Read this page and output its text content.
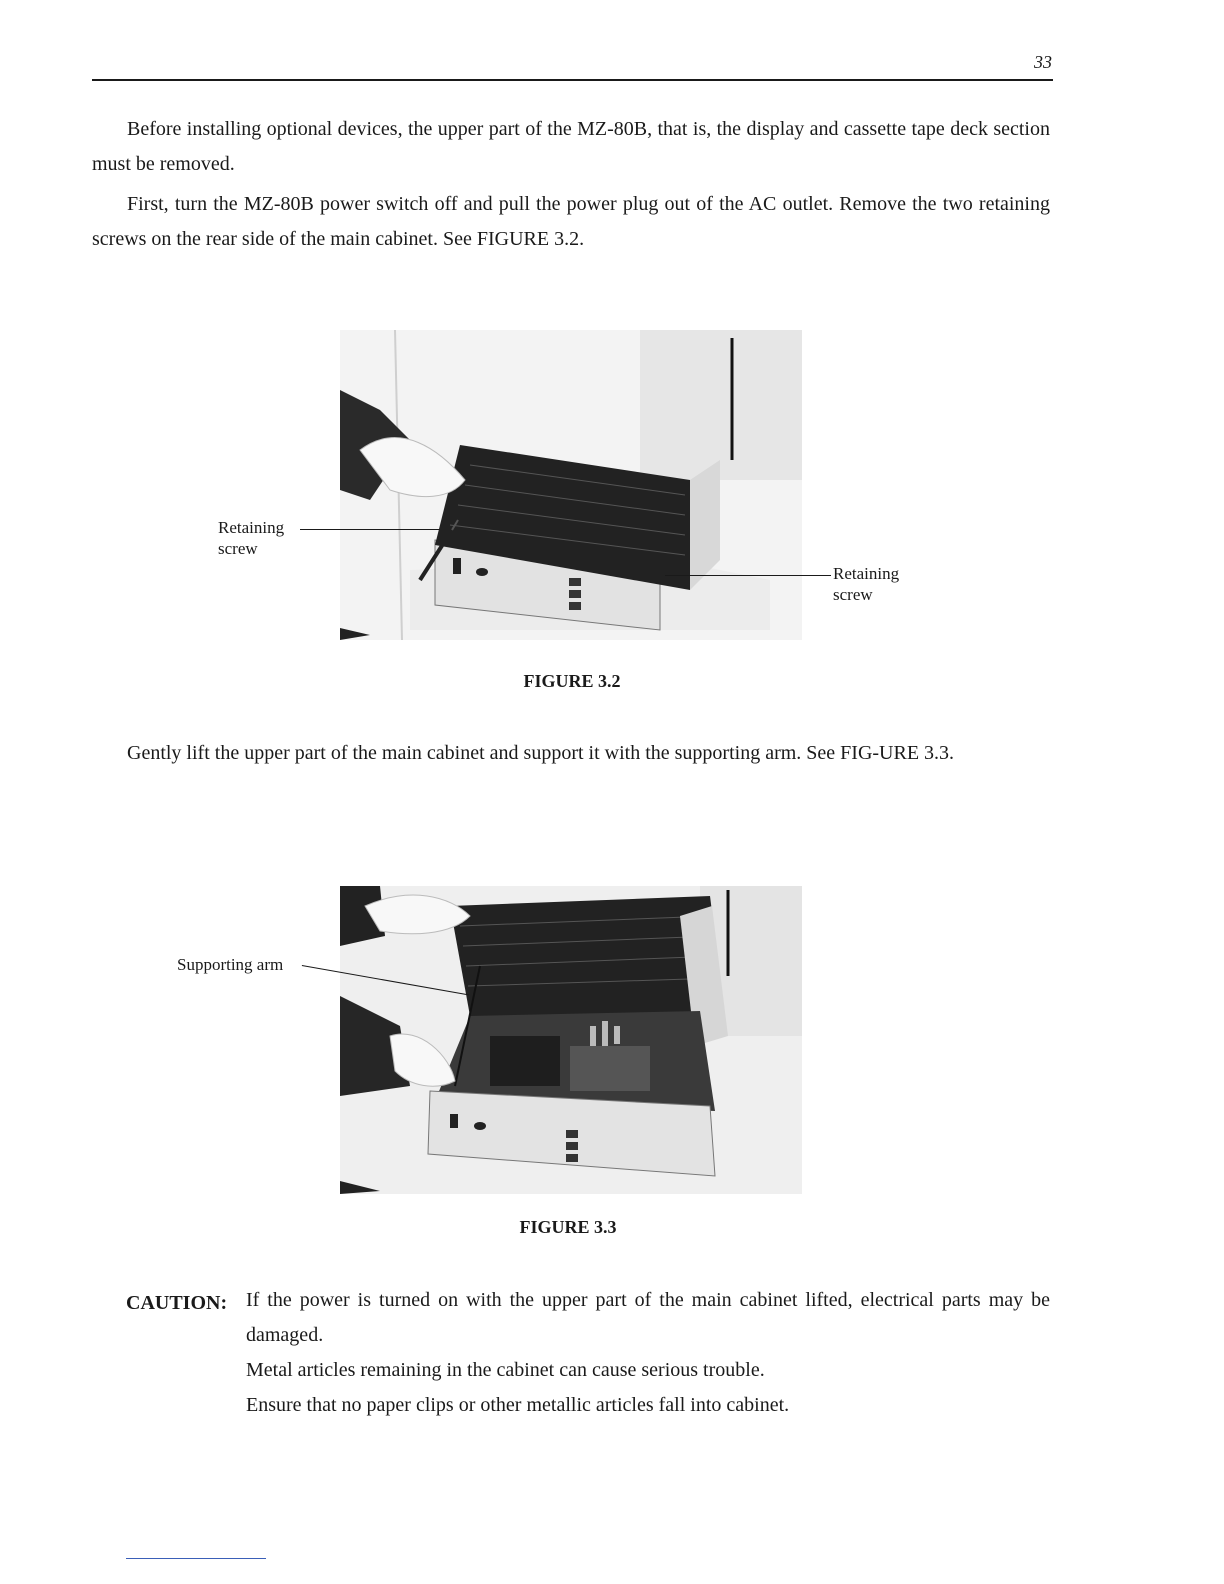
33

Before installing optional devices, the upper part of the MZ-80B, that is, the display and cassette tape deck section must be removed.

First, turn the MZ-80B power switch off and pull the power plug out of the AC outlet. Remove the two retaining screws on the rear side of the main cabinet. See FIGURE 3.2.

Retaining
screw
Retaining
screw
FIGURE 3.2

Gently lift the upper part of the main cabinet and support it with the supporting arm. See FIG-URE 3.3.

Supporting arm
FIGURE 3.3
CAUTION: If the power is turned on with the upper part of the main cabinet lifted, electrical parts may be damaged.

Metal articles remaining in the cabinet can cause serious trouble.

Ensure that no paper clips or other metallic articles fall into cabinet.
